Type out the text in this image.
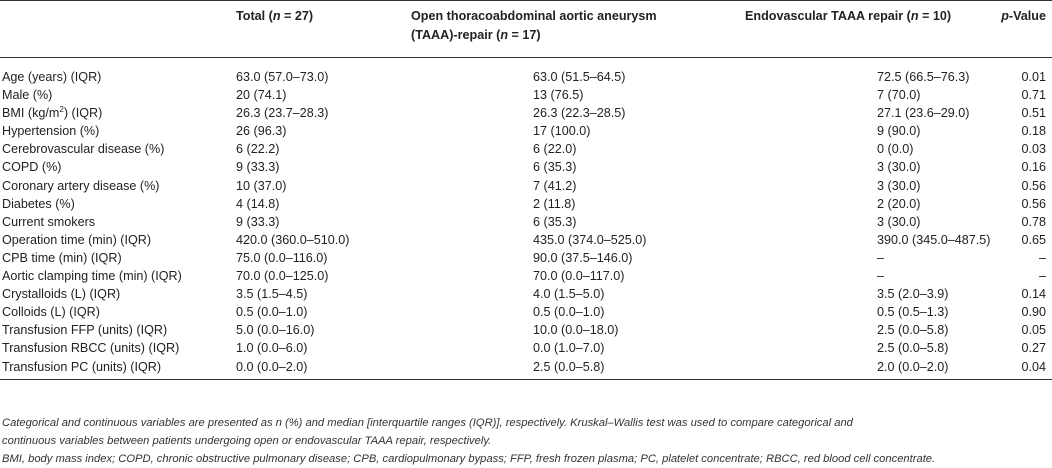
	Total (n = 27)	Open thoracoabdominal aortic aneurysm
(TAAA)-repair (n = 17)	Endovascular TAAA repair (n = 10)	p-Value
Age (years) (IQR)	63.0 (57.0–73.0)	63.0 (51.5–64.5)	72.5 (66.5–76.3)	0.01
Male (%)	20 (74.1)	13 (76.5)	7 (70.0)	0.71
BMI $(kg/m^2)$ (IQR)	26.3 (23.7–28.3)	26.3 (22.3–28.5)	27.1 (23.6–29.0)	0.51
Hypertension (%)	26 (96.3)	17 (100.0)	9 (90.0)	0.18
Cerebrovascular disease (%)	6 (22.2)	6 (22.0)	0 (0.0)	0.03
COPD (%)	9 (33.3)	6 (35.3)	3 (30.0)	0.16
Coronary artery disease (%)	10 (37.0)	7 (41.2)	3 (30.0)	0.56
Diabetes (%)	4 (14.8)	2 (11.8)	2 (20.0)	0.56
Current smokers	9 (33.3)	6 (35.3)	3 (30.0)	0.78
Operation time (min) (IQR)	420.0 (360.0–510.0)	435.0 (374.0–525.0)	390.0 (345.0–487.5)	0.65
CPB time (min) (IQR)	75.0 (0.0–116.0)	90.0 (37.5–146.0)	–	–
Aortic clamping time (min) (IQR)	70.0 (0.0–125.0)	70.0 (0.0–117.0)	–	–
Crystalloids (L) (IQR)	3.5 (1.5–4.5)	4.0 (1.5–5.0)	3.5 (2.0–3.9)	0.14
Colloids (L) (IQR)	0.5 (0.0–1.0)	0.5 (0.0–1.0)	0.5 (0.5–1.3)	0.90
Transfusion FFP (units) (IQR)	5.0 (0.0–16.0)	10.0 (0.0–18.0)	2.5 (0.0–5.8)	0.05
Transfusion RBCC (units) (IQR)	1.0 (0.0–6.0)	0.0 (1.0–7.0)	2.5 (0.0–5.8)	0.27
Transfusion PC (units) (IQR)	0.0 (0.0–2.0)	2.5 (0.0–5.8)	2.0 (0.0–2.0)	0.04

Categorical and continuous variables are presented as n (%) and median [interquartile ranges (IQR)], respectively. Kruskal–Wallis test was used to compare categorical and

continuous variables between patients undergoing open or endovascular TAAA repair, respectively.

BMI, body mass index; COPD, chronic obstructive pulmonary disease; CPB, cardiopulmonary bypass; FFP, fresh frozen plasma; PC, platelet concentrate; RBCC, red blood cell concentrate.
